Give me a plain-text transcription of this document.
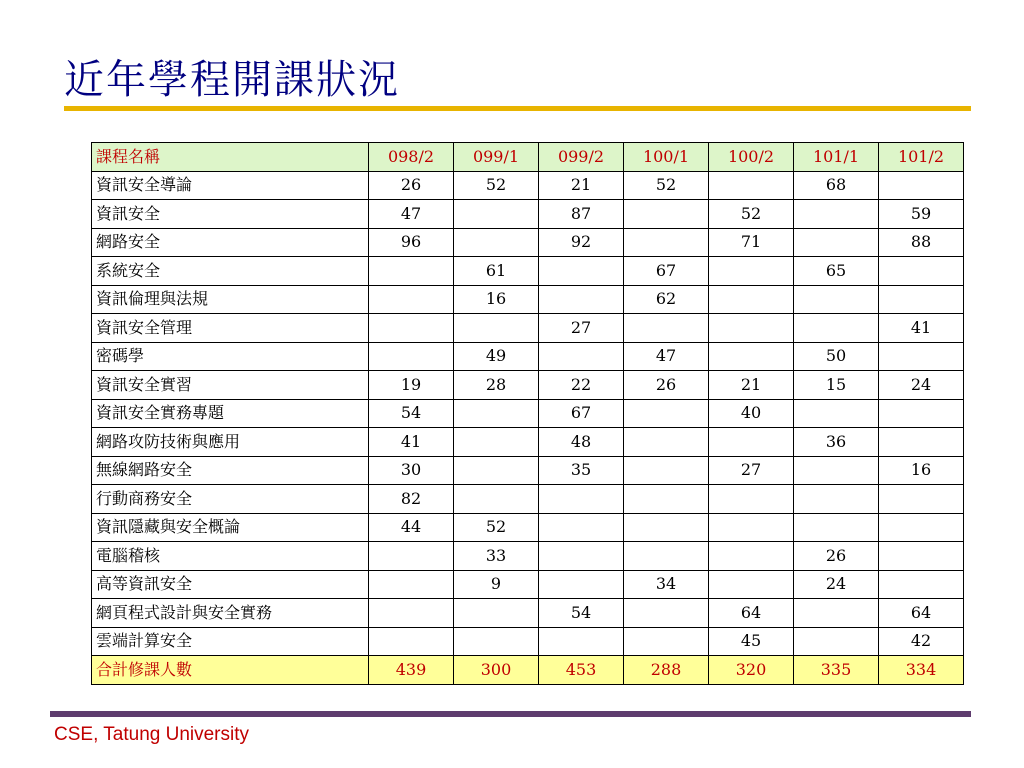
近年學程開課狀況
課程名稱	098/2	099/1	099/2	100/1	100/2	101/1	101/2
資訊安全導論	26	52	21	52		68	
資訊安全	47		87		52		59
網路安全	96		92		71		88
系統安全		61		67		65	
資訊倫理與法規		16		62			
資訊安全管理			27				41
密碼學		49		47		50	
資訊安全實習	19	28	22	26	21	15	24
資訊安全實務專題	54		67		40		
網路攻防技術與應用	41		48			36	
無線網路安全	30		35		27		16
行動商務安全	82						
資訊隱藏與安全概論	44	52					
電腦稽核		33				26	
高等資訊安全		9		34		24	
網頁程式設計與安全實務			54		64		64
雲端計算安全					45		42
合計修課人數	439	300	453	288	320	335	334
CSE, Tatung University
